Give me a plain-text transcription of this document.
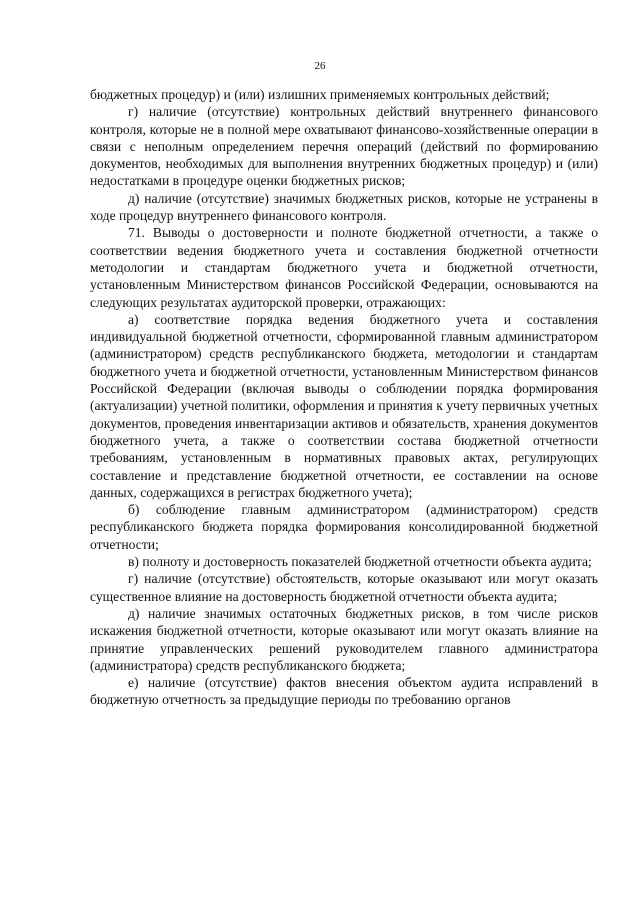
26

бюджетных процедур) и (или) излишних применяемых контрольных действий;

г) наличие (отсутствие) контрольных действий внутреннего финансового контроля, которые не в полной мере охватывают финансово-хозяйственные операции в связи с неполным определением перечня операций (действий по формированию документов, необходимых для выполнения внутренних бюджетных процедур) и (или) недостатками в процедуре оценки бюджетных рисков;

д) наличие (отсутствие) значимых бюджетных рисков, которые не устранены в ходе процедур внутреннего финансового контроля.

71. Выводы о достоверности и полноте бюджетной отчетности, а также о соответствии ведения бюджетного учета и составления бюджетной отчетности методологии и стандартам бюджетного учета и бюджетной отчетности, установленным Министерством финансов Российской Федерации, основываются на следующих результатах аудиторской проверки, отражающих:

а) соответствие порядка ведения бюджетного учета и составления индивидуальной бюджетной отчетности, сформированной главным администратором (администратором) средств республиканского бюджета, методологии и стандартам бюджетного учета и бюджетной отчетности, установленным Министерством финансов Российской Федерации (включая выводы о соблюдении порядка формирования (актуализации) учетной политики, оформления и принятия к учету первичных учетных документов, проведения инвентаризации активов и обязательств, хранения документов бюджетного учета, а также о соответствии состава бюджетной отчетности требованиям, установленным в нормативных правовых актах, регулирующих составление и представление бюджетной отчетности, ее составлении на основе данных, содержащихся в регистрах бюджетного учета);

б) соблюдение главным администратором (администратором) средств республиканского бюджета порядка формирования консолидированной бюджетной отчетности;

в) полноту и достоверность показателей бюджетной отчетности объекта аудита;

г) наличие (отсутствие) обстоятельств, которые оказывают или могут оказать существенное влияние на достоверность бюджетной отчетности объекта аудита;

д) наличие значимых остаточных бюджетных рисков, в том числе рисков искажения бюджетной отчетности, которые оказывают или могут оказать влияние на принятие управленческих решений руководителем главного администратора (администратора) средств республиканского бюджета;

е) наличие (отсутствие) фактов внесения объектом аудита исправлений в бюджетную отчетность за предыдущие периоды по требованию органов
